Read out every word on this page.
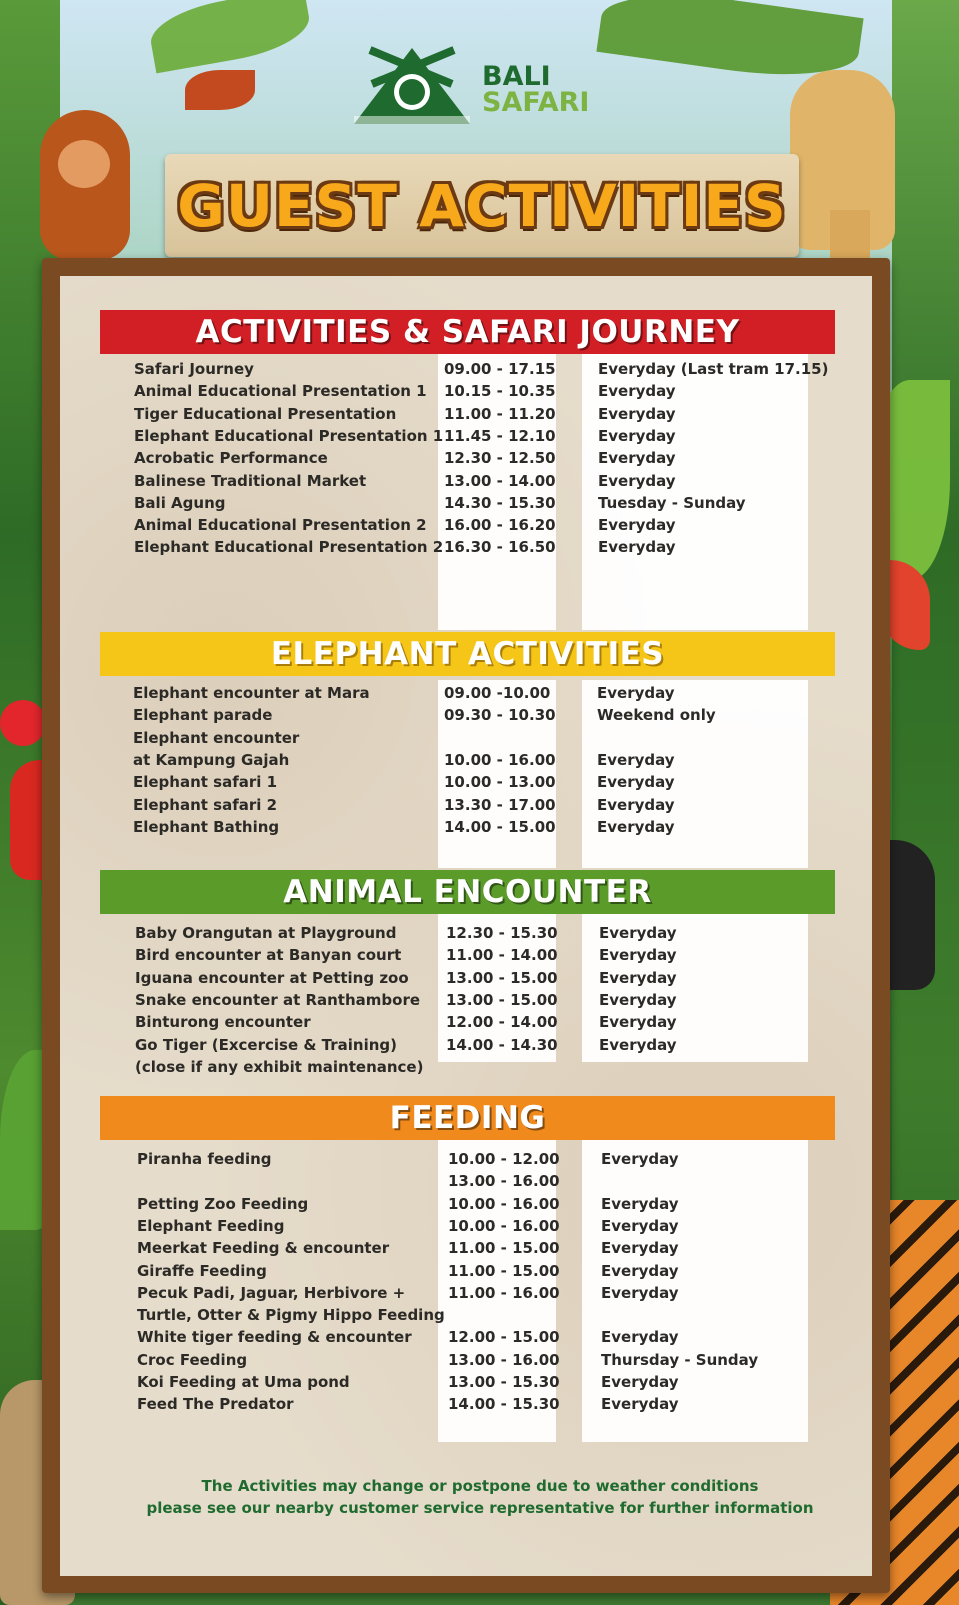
BALI
SAFARI
GUEST ACTIVITIES
ACTIVITIES & SAFARI JOURNEY
ELEPHANT ACTIVITIES
ANIMAL ENCOUNTER
FEEDING
Safari Journey	09.00 - 17.15	Everyday (Last tram 17.15)
Animal Educational Presentation 1 10.15 - 10.35	Everyday
Tiger Educational Presentation	11.00 - 11.20	Everyday
Elephant Educational Presentation 1 11.45 - 12.10	Everyday
Acrobatic Performance	12.30 - 12.50	Everyday
Balinese Traditional Market	13.00 - 14.00	Everyday
Bali Agung	14.30 - 15.30	Tuesday - Sunday
Animal Educational Presentation 2 16.00 - 16.20	Everyday
Elephant Educational Presentation 2 16.30 - 16.50	Everyday
Elephant encounter at Mara	09.00 -10.00	Everyday
Elephant parade	09.30 - 10.30	Weekend only
Elephant encounter
at Kampung Gajah	10.00 - 16.00	Everyday
Elephant safari 1	10.00 - 13.00	Everyday
Elephant safari 2	13.30 - 17.00	Everyday
Elephant Bathing	14.00 - 15.00	Everyday
Baby Orangutan at Playground	12.30 - 15.30	Everyday
Bird encounter at Banyan court	11.00 - 14.00	Everyday
Iguana encounter at Petting zoo 13.00 - 15.00	Everyday
Snake encounter at Ranthambore 13.00 - 15.00	Everyday
Binturong encounter	12.00 - 14.00	Everyday
Go Tiger (Excercise & Training)	14.00 - 14.30	Everyday
(close if any exhibit maintenance)
Piranha feeding	10.00 - 12.00	Everyday
13.00 - 16.00
Petting Zoo Feeding	10.00 - 16.00	Everyday
Elephant Feeding	10.00 - 16.00	Everyday
Meerkat Feeding & encounter	11.00 - 15.00	Everyday
Giraffe Feeding	11.00 - 15.00	Everyday
Pecuk Padi, Jaguar, Herbivore +	11.00 - 16.00	Everyday
Turtle, Otter & Pigmy Hippo Feeding
White tiger feeding & encounter 12.00 - 15.00	Everyday
Croc Feeding	13.00 - 16.00	Thursday - Sunday
Koi Feeding at Uma pond	13.00 - 15.30	Everyday
Feed The Predator	14.00 - 15.30	Everyday
The Activities may change or postpone due to weather conditions
please see our nearby customer service representative for further information
